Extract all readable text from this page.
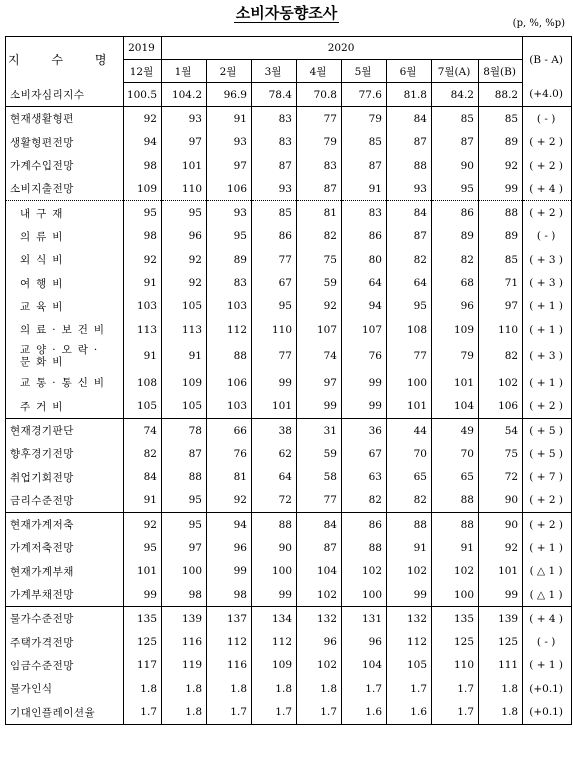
소비자동향조사
(p, %, %p)
지 수 명	2019	2020								(B - A)
	12월	1월	2월	3월	4월	5월	6월	7월(A)	8월(B)	
소비자심리지수	100.5	104.2	96.9	78.4	70.8	77.6	81.8	84.2	88.2	(+4.0)
현재생활형편	92	93	91	83	77	79	84	85	85	( - )
생활형편전망	94	97	93	83	79	85	87	87	89	( + 2 )
가계수입전망	98	101	97	87	83	87	88	90	92	( + 2 )
소비지출전망	109	110	106	93	87	91	93	95	99	( + 4 )
내구재	95	95	93	85	81	83	84	86	88	( + 2 )
의류비	98	96	95	86	82	86	87	89	89	( - )
외식비	92	92	89	77	75	80	82	82	85	( + 3 )
여행비	91	92	83	67	59	64	64	68	71	( + 3 )
교육비	103	105	103	95	92	94	95	96	97	( + 1 )
의료·보건비	113	113	112	110	107	107	108	109	110	( + 1 )

교양·오락·
문화비	91	91	88	77	74	76	77	79	82	( + 3 )
교통·통신비	108	109	106	99	97	99	100	101	102	( + 1 )
주거비	105	105	103	101	99	99	101	104	106	( + 2 )
현재경기판단	74	78	66	38	31	36	44	49	54	( + 5 )
향후경기전망	82	87	76	62	59	67	70	70	75	( + 5 )
취업기회전망	84	88	81	64	58	63	65	65	72	( + 7 )
금리수준전망	91	95	92	72	77	82	82	88	90	( + 2 )
현재가계저축	92	95	94	88	84	86	88	88	90	( + 2 )
가계저축전망	95	97	96	90	87	88	91	91	92	( + 1 )
현재가계부채	101	100	99	100	104	102	102	102	101	( △ 1 )
가계부채전망	99	98	98	99	102	100	99	100	99	( △ 1 )
물가수준전망	135	139	137	134	132	131	132	135	139	( + 4 )
주택가격전망	125	116	112	112	96	96	112	125	125	( - )
임금수준전망	117	119	116	109	102	104	105	110	111	( + 1 )
물가인식	1.8	1.8	1.8	1.8	1.8	1.7	1.7	1.7	1.8	(+0.1)
기대인플레이션율	1.7	1.8	1.7	1.7	1.7	1.6	1.6	1.7	1.8	(+0.1)
